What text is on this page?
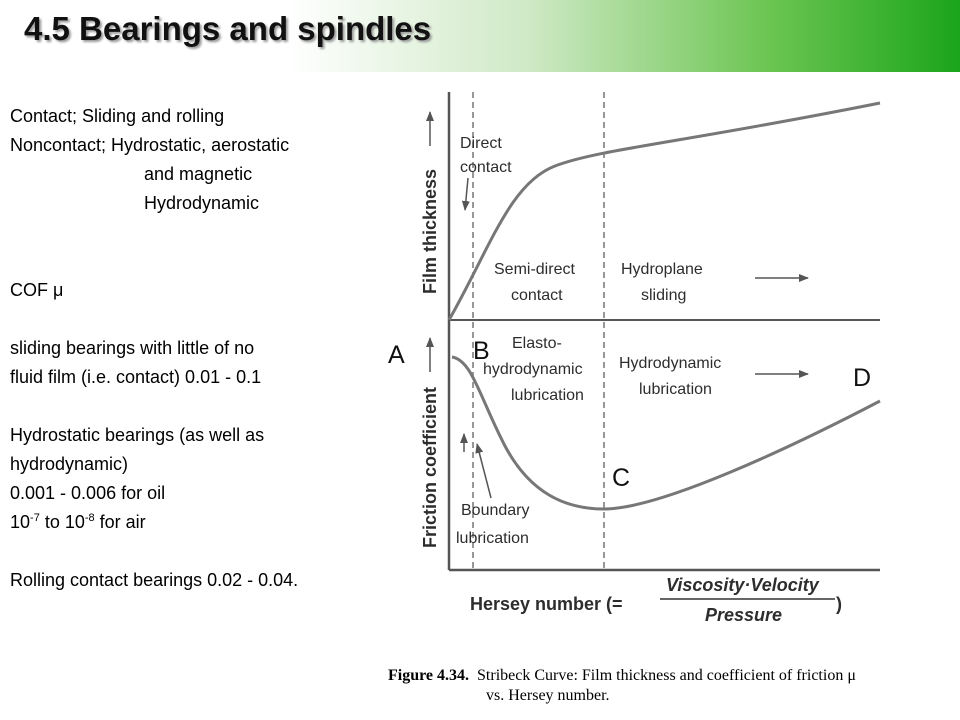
4.5 Bearings and spindles
Contact; Sliding and rolling
Noncontact; Hydrostatic, aerostatic
and magnetic
Hydrodynamic
COF μ
sliding bearings with little of no
fluid film (i.e. contact) 0.01 - 0.1
Hydrostatic bearings (as well as
hydrodynamic)
0.001 - 0.006 for oil
$10^{-7}$ to $10^{-8}$ for air
Rolling contact bearings 0.02 - 0.04.
Film thickness
Friction coefficient
Direct
contact
Semi-direct
contact
Hydroplane
sliding
A	B Elasto-
hydrodynamic
lubrication
Hydrodynamic
lubrication	D
C
Boundary
lubrication
Hersey number (=
Viscosity·Velocity
Pressure
)
Figure 4.34. Stribeck Curve: Film thickness and coefficient of friction μ
vs. Hersey number.
